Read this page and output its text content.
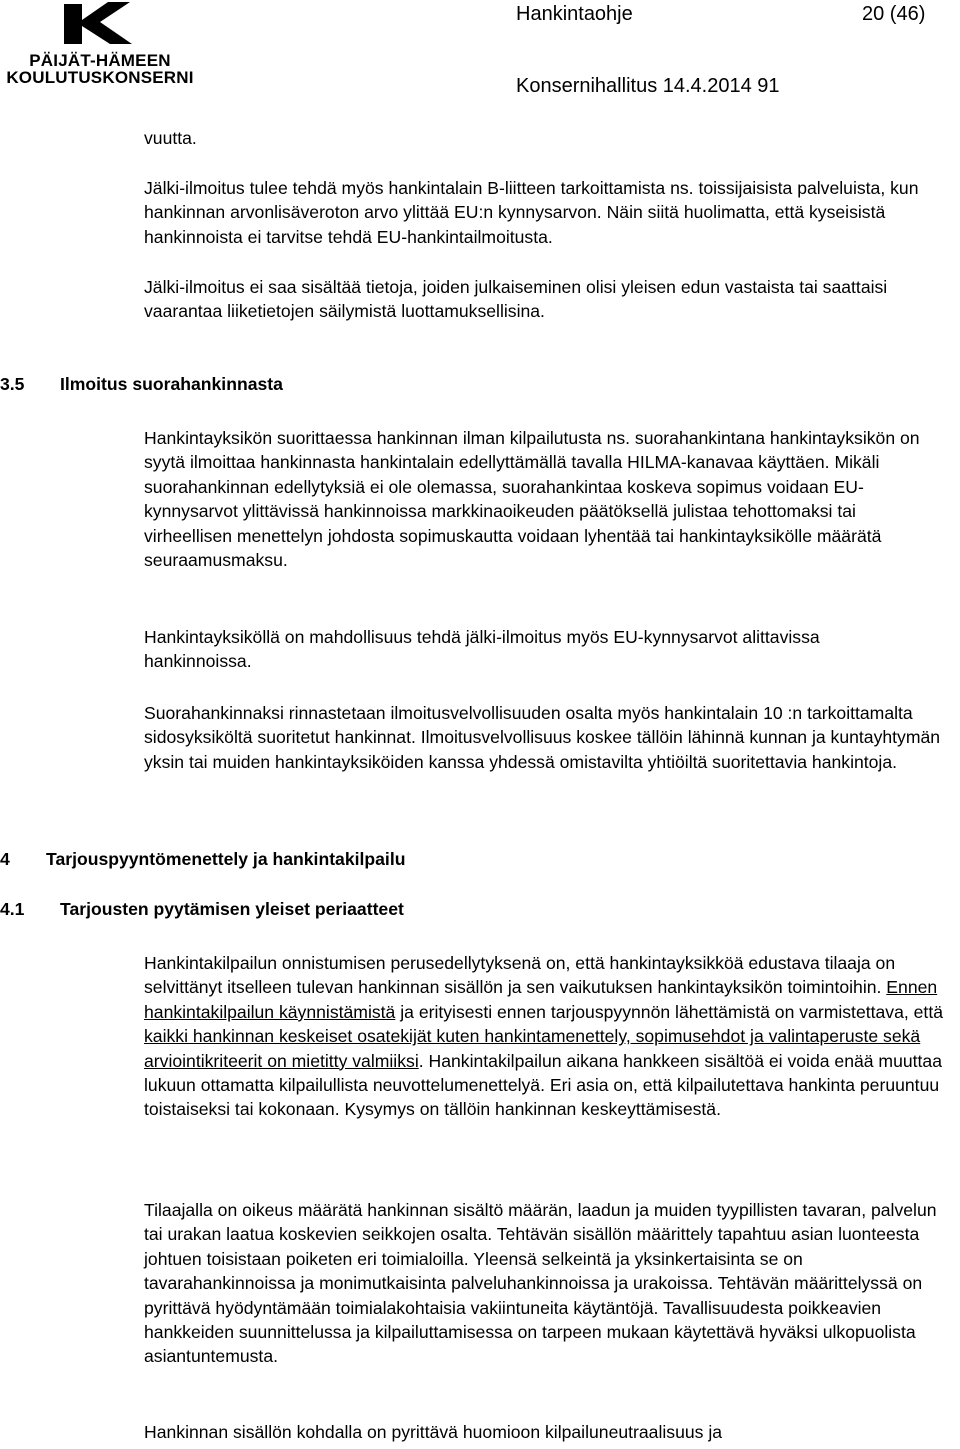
PÄIJÄT-HÄMEEN
KOULUTUSKONSERNI
Hankintaohje	20 (46)
Konsernihallitus 14.4.2014 91

vuutta.

Jälki-ilmoitus tulee tehdä myös hankintalain B-liitteen tarkoittamista ns. toissijaisista palveluista, kun hankinnan arvonlisäveroton arvo ylittää EU:n kynnysarvon. Näin siitä huolimatta, että kyseisistä hankinnoista ei tarvitse tehdä EU-hankintailmoitusta.

Jälki-ilmoitus ei saa sisältää tietoja, joiden julkaiseminen olisi yleisen edun vastaista tai saattaisi vaarantaa liiketietojen säilymistä luottamuksellisina.

3.5 Ilmoitus suorahankinnasta

Hankintayksikön suorittaessa hankinnan ilman kilpailutusta ns. suorahankintana hankintayksikön on syytä ilmoittaa hankinnasta hankintalain edellyttämällä tavalla HILMA-kanavaa käyttäen. Mikäli suorahankinnan edellytyksiä ei ole olemassa, suorahankintaa koskeva sopimus voidaan EU-kynnysarvot ylittävissä hankinnoissa markkinaoikeuden päätöksellä julistaa tehottomaksi tai virheellisen menettelyn johdosta sopimuskautta voidaan lyhentää tai hankintayksikölle määrätä seuraamusmaksu.

Hankintayksiköllä on mahdollisuus tehdä jälki-ilmoitus myös EU-kynnysarvot alittavissa hankinnoissa.

Suorahankinnaksi rinnastetaan ilmoitusvelvollisuuden osalta myös hankintalain 10 :n tarkoittamalta sidosyksiköltä suoritetut hankinnat. Ilmoitusvelvollisuus koskee tällöin lähinnä kunnan ja kuntayhtymän yksin tai muiden hankintayksiköiden kanssa yhdessä omistavilta yhtiöiltä suoritettavia hankintoja.

4 Tarjouspyyntömenettely ja hankintakilpailu
4.1 Tarjousten pyytämisen yleiset periaatteet

Hankintakilpailun onnistumisen perusedellytyksenä on, että hankintayksikköä edustava tilaaja on selvittänyt itselleen tulevan hankinnan sisällön ja sen vaikutuksen hankintayksikön toimintoihin. Ennen hankintakilpailun käynnistämistä ja erityisesti ennen tarjouspyynnön lähettämistä on varmistettava, että kaikki hankinnan keskeiset osatekijät kuten hankintamenettely, sopimusehdot ja valintaperuste sekä arviointikriteerit on mietitty valmiiksi. Hankintakilpailun aikana hankkeen sisältöä ei voida enää muuttaa lukuun ottamatta kilpailullista neuvottelumenettelyä. Eri asia on, että kilpailutettava hankinta peruuntuu toistaiseksi tai kokonaan. Kysymys on tällöin hankinnan keskeyttämisestä.

Tilaajalla on oikeus määrätä hankinnan sisältö määrän, laadun ja muiden tyypillisten tavaran, palvelun tai urakan laatua koskevien seikkojen osalta. Tehtävän sisällön määrittely tapahtuu asian luonteesta johtuen toisistaan poiketen eri toimialoilla. Yleensä selkeintä ja yksinkertaisinta se on tavarahankinnoissa ja monimutkaisinta palveluhankinnoissa ja urakoissa. Tehtävän määrittelyssä on pyrittävä hyödyntämään toimialakohtaisia vakiintuneita käytäntöjä. Tavallisuudesta poikkeavien hankkeiden suunnittelussa ja kilpailuttamisessa on tarpeen mukaan käytettävä hyväksi ulkopuolista asiantuntemusta.

Hankinnan sisällön kohdalla on pyrittävä huomioon kilpailuneutraalisuus ja
